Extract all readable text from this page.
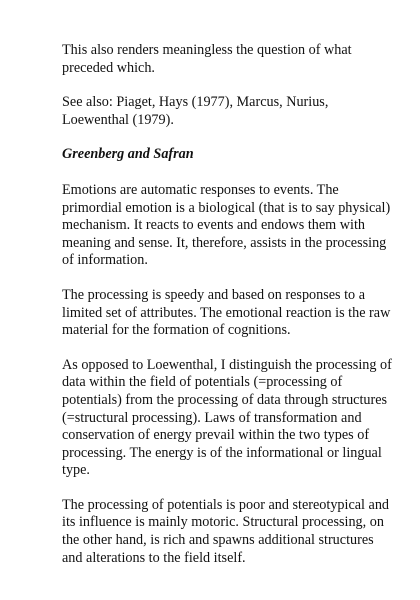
This also renders meaningless the question of what
preceded which.

See also: Piaget, Hays (1977), Marcus, Nurius,
Loewenthal (1979).

Greenberg and Safran

Emotions are automatic responses to events. The
primordial emotion is a biological (that is to say physical)
mechanism. It reacts to events and endows them with
meaning and sense. It, therefore, assists in the processing
of information.

The processing is speedy and based on responses to a
limited set of attributes. The emotional reaction is the raw
material for the formation of cognitions.

As opposed to Loewenthal, I distinguish the processing of
data within the field of potentials (=processing of
potentials) from the processing of data through structures
(=structural processing). Laws of transformation and
conservation of energy prevail within the two types of
processing. The energy is of the informational or lingual
type.

The processing of potentials is poor and stereotypical and
its influence is mainly motoric. Structural processing, on
the other hand, is rich and spawns additional structures
and alterations to the field itself.
